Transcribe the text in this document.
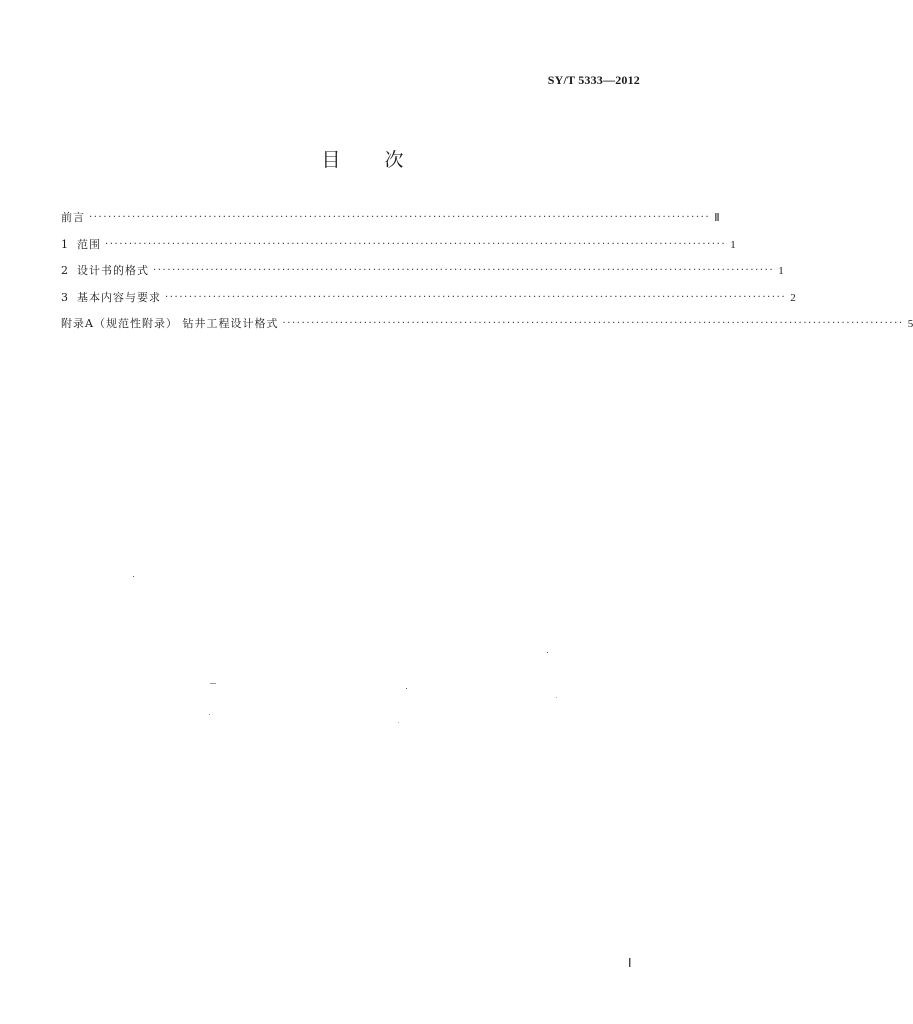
SY/T 5333—2012
目次
前言 ·································································································································· Ⅱ
1 范围 ·································································································································· 1
2 设计书的格式 ·································································································································· 1
3 基本内容与要求 ·································································································································· 2
附录A（规范性附录） 钻井工程设计格式 ·································································································································· 5
Ⅰ
